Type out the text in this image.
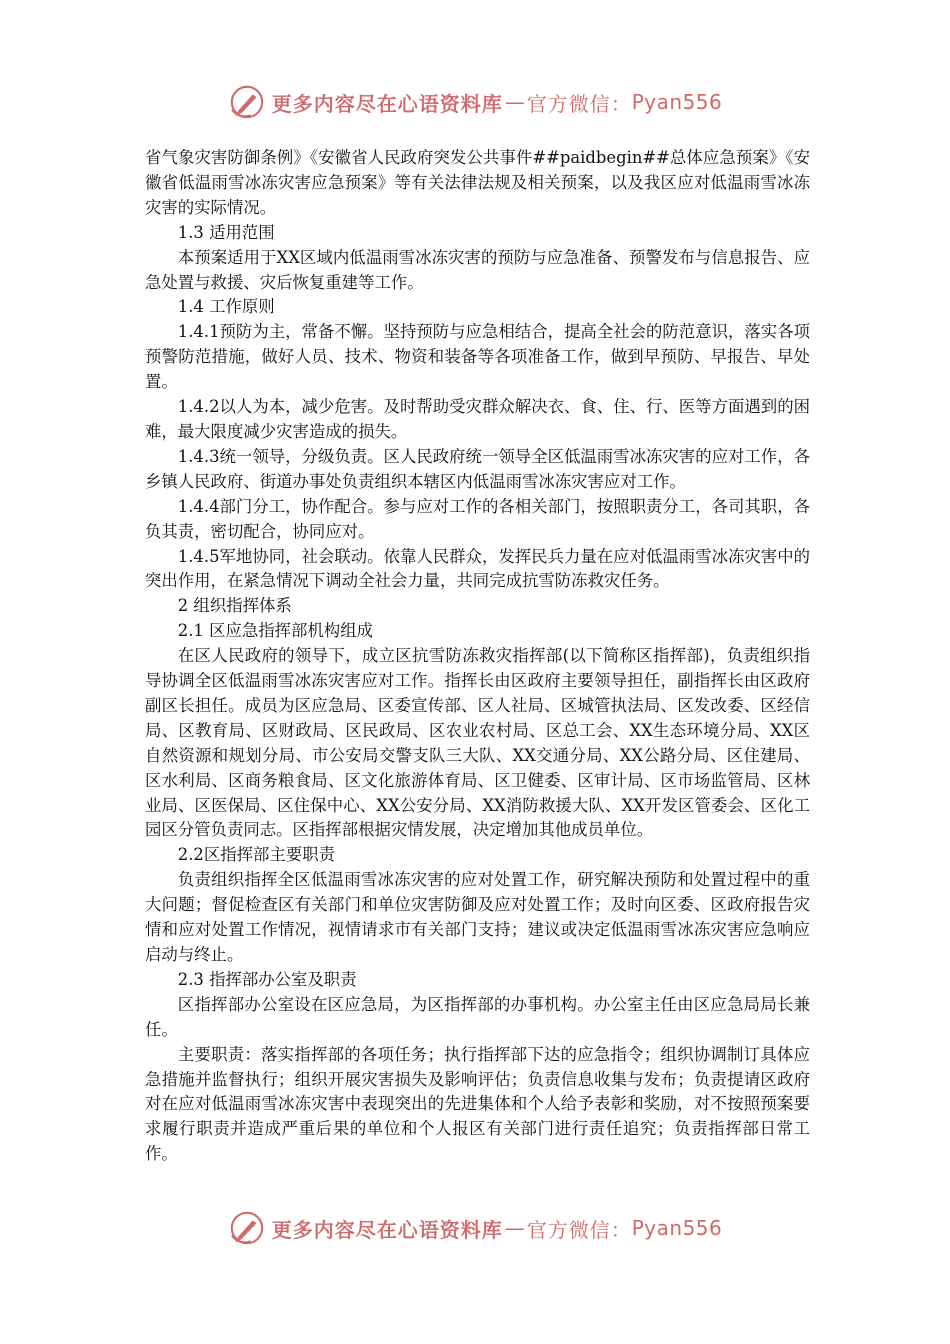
更多内容尽在心语资料库 — 官方微信： Pyan556

省气象灾害防御条例》《安徽省人民政府突发公共事件##paidbegin##总体应急预案》《安徽省低温雨雪冰冻灾害应急预案》等有关法律法规及相关预案，以及我区应对低温雨雪冰冻灾害的实际情况。

1.3 适用范围

本预案适用于XX区域内低温雨雪冰冻灾害的预防与应急准备、预警发布与信息报告、应急处置与救援、灾后恢复重建等工作。

1.4 工作原则

1.4.1预防为主，常备不懈。坚持预防与应急相结合，提高全社会的防范意识，落实各项预警防范措施，做好人员、技术、物资和装备等各项准备工作，做到早预防、早报告、早处置。

1.4.2以人为本，减少危害。及时帮助受灾群众解决衣、食、住、行、医等方面遇到的困难，最大限度减少灾害造成的损失。

1.4.3统一领导，分级负责。区人民政府统一领导全区低温雨雪冰冻灾害的应对工作，各乡镇人民政府、街道办事处负责组织本辖区内低温雨雪冰冻灾害应对工作。

1.4.4部门分工，协作配合。参与应对工作的各相关部门，按照职责分工，各司其职，各负其责，密切配合，协同应对。

1.4.5军地协同，社会联动。依靠人民群众，发挥民兵力量在应对低温雨雪冰冻灾害中的突出作用，在紧急情况下调动全社会力量，共同完成抗雪防冻救灾任务。

2 组织指挥体系

2.1 区应急指挥部机构组成

在区人民政府的领导下，成立区抗雪防冻救灾指挥部(以下简称区指挥部)，负责组织指导协调全区低温雨雪冰冻灾害应对工作。指挥长由区政府主要领导担任，副指挥长由区政府副区长担任。成员为区应急局、区委宣传部、区人社局、区城管执法局、区发改委、区经信局、区教育局、区财政局、区民政局、区农业农村局、区总工会、XX生态环境分局、XX区自然资源和规划分局、市公安局交警支队三大队、XX交通分局、XX公路分局、区住建局、区水利局、区商务粮食局、区文化旅游体育局、区卫健委、区审计局、区市场监管局、区林业局、区医保局、区住保中心、XX公安分局、XX消防救援大队、XX开发区管委会、区化工园区分管负责同志。区指挥部根据灾情发展，决定增加其他成员单位。

2.2区指挥部主要职责

负责组织指挥全区低温雨雪冰冻灾害的应对处置工作，研究解决预防和处置过程中的重大问题；督促检查区有关部门和单位灾害防御及应对处置工作；及时向区委、区政府报告灾情和应对处置工作情况，视情请求市有关部门支持；建议或决定低温雨雪冰冻灾害应急响应启动与终止。

2.3 指挥部办公室及职责

区指挥部办公室设在区应急局，为区指挥部的办事机构。办公室主任由区应急局局长兼任。

主要职责：落实指挥部的各项任务；执行指挥部下达的应急指令；组织协调制订具体应急措施并监督执行；组织开展灾害损失及影响评估；负责信息收集与发布；负责提请区政府对在应对低温雨雪冰冻灾害中表现突出的先进集体和个人给予表彰和奖励，对不按照预案要求履行职责并造成严重后果的单位和个人报区有关部门进行责任追究；负责指挥部日常工作。

更多内容尽在心语资料库 — 官方微信： Pyan556
